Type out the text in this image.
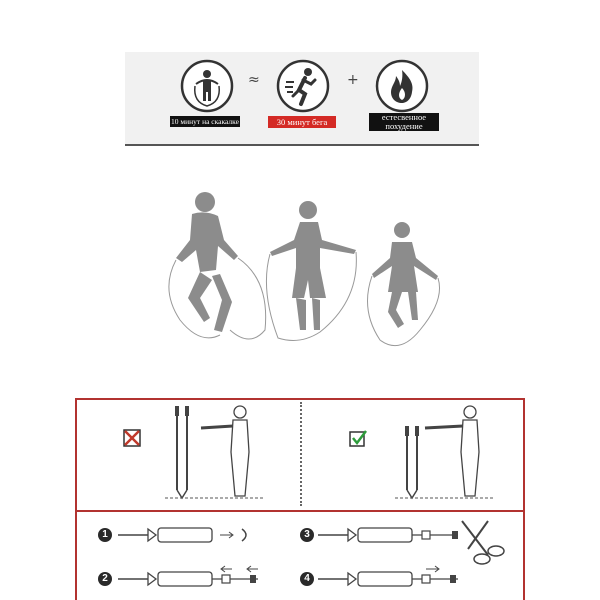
≈	+
10 минут на скакалке	30 минут бега	естесвенное
похудение
1
2
3
4
